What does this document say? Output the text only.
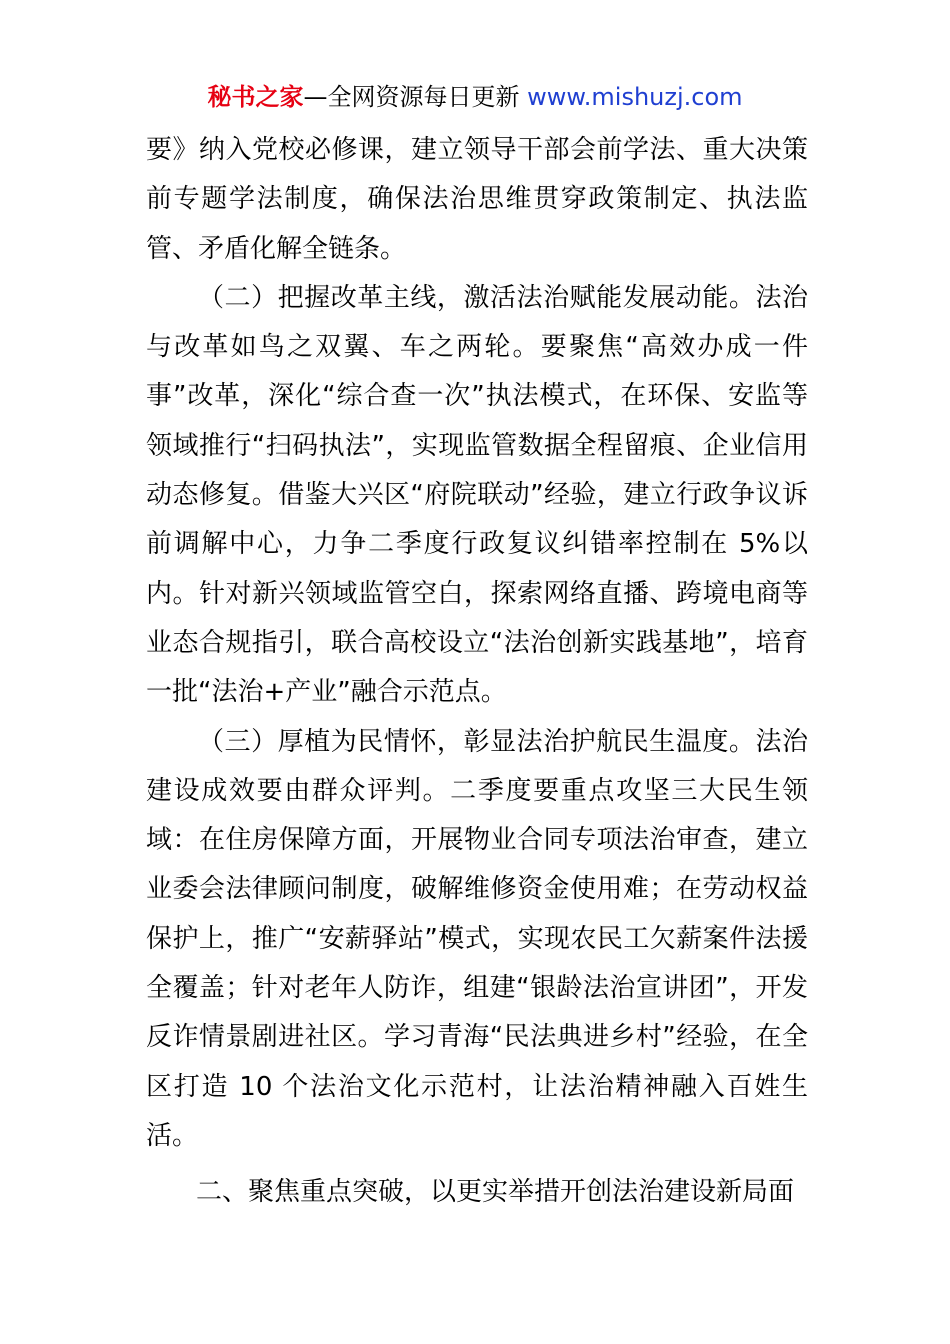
秘书之家—全网资源每日更新 www.mishuzj.com

要》纳入党校必修课，建立领导干部会前学法、重大决策前专题学法制度，确保法治思维贯穿政策制定、执法监管、矛盾化解全链条。

（二）把握改革主线，激活法治赋能发展动能。法治与改革如鸟之双翼、车之两轮。要聚焦“高效办成一件事”改革，深化“综合查一次”执法模式，在环保、安监等领域推行“扫码执法”，实现监管数据全程留痕、企业信用动态修复。借鉴大兴区“府院联动”经验，建立行政争议诉前调解中心，力争二季度行政复议纠错率控制在 5%以内。针对新兴领域监管空白，探索网络直播、跨境电商等业态合规指引，联合高校设立“法治创新实践基地”，培育一批“法治+产业”融合示范点。

（三）厚植为民情怀，彰显法治护航民生温度。法治建设成效要由群众评判。二季度要重点攻坚三大民生领域：在住房保障方面，开展物业合同专项法治审查，建立业委会法律顾问制度，破解维修资金使用难；在劳动权益保护上，推广“安薪驿站”模式，实现农民工欠薪案件法援全覆盖；针对老年人防诈，组建“银龄法治宣讲团”，开发反诈情景剧进社区。学习青海“民法典进乡村”经验，在全区打造 10 个法治文化示范村，让法治精神融入百姓生活。

二、聚焦重点突破，以更实举措开创法治建设新局面
